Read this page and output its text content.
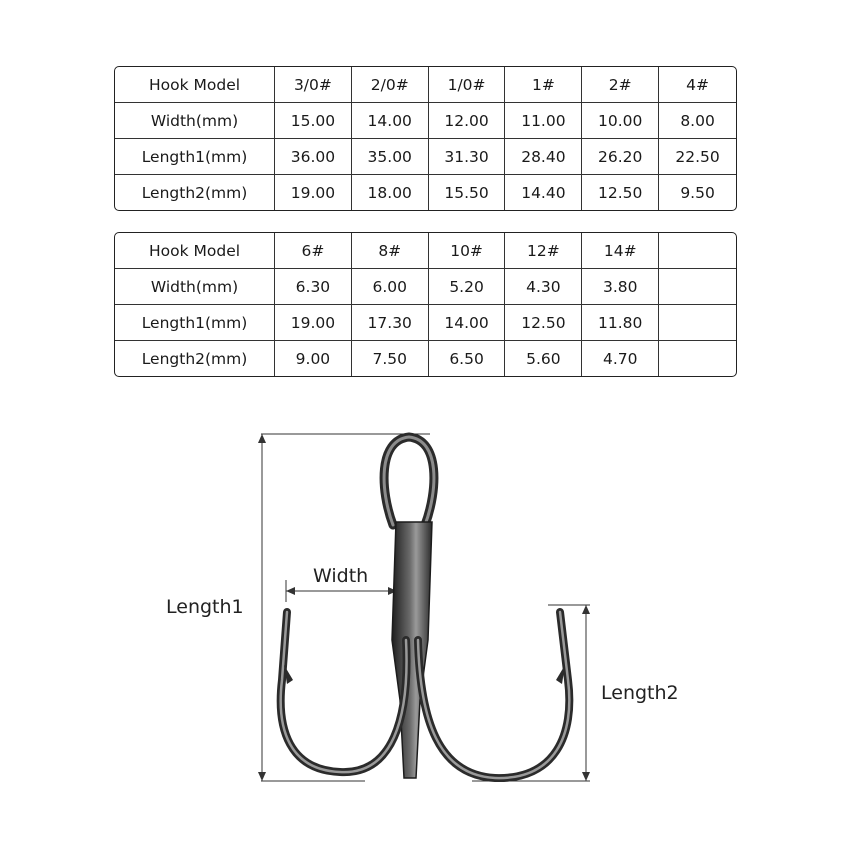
Hook Model	3/0#	2/0#	1/0#	1#	2#	4#
Width(mm)	15.00	14.00	12.00	11.00	10.00	8.00
Length1(mm)	36.00	35.00	31.30	28.40	26.20	22.50
Length2(mm)	19.00	18.00	15.50	14.40	12.50	9.50
Hook Model	6#	8#	10#	12#	14#	
Width(mm)	6.30	6.00	5.20	4.30	3.80	
Length1(mm)	19.00	17.30	14.00	12.50	11.80	
Length2(mm)	9.00	7.50	6.50	5.60	4.70	
Width
Length1
Length2
